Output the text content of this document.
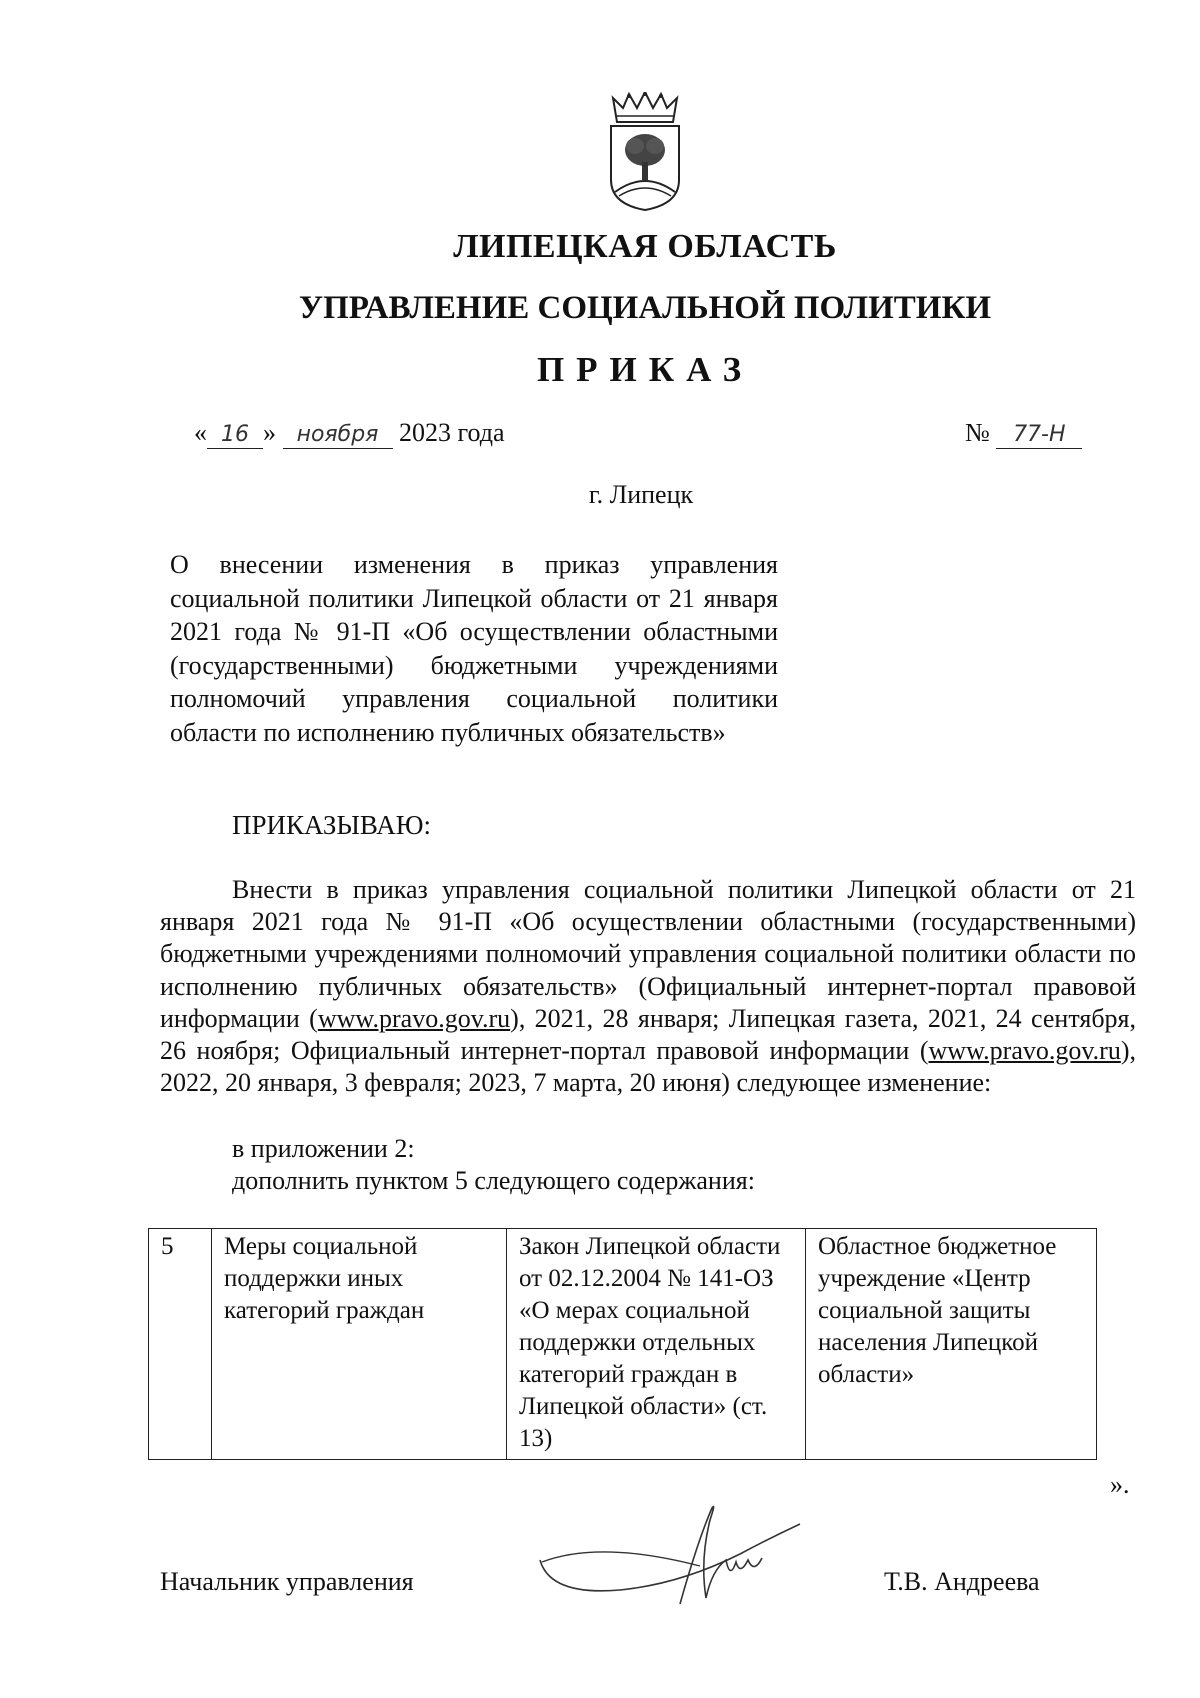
ЛИПЕЦКАЯ ОБЛАСТЬ
УПРАВЛЕНИЕ СОЦИАЛЬНОЙ ПОЛИТИКИ
ПРИКАЗ
« 16 » ноября 2023 года	№ 77-Н
г. Липецк
О внесении изменения в приказ управления социальной политики Липецкой области от 21 января 2021 года № 91-П «Об осуществлении областными (государственными) бюджетными учреждениями полномочий управления социальной политики области по исполнению публичных обязательств»
ПРИКАЗЫВАЮ:

Внести в приказ управления социальной политики Липецкой области от 21 января 2021 года № 91-П «Об осуществлении областными (государственными) бюджетными учреждениями полномочий управления социальной политики области по исполнению публичных обязательств» (Официальный интернет-портал правовой информации (www.pravo.gov.ru), 2021, 28 января; Липецкая газета, 2021, 24 сентября, 26 ноября; Официальный интернет-портал правовой информации (www.pravo.gov.ru), 2022, 20 января, 3 февраля; 2023, 7 марта, 20 июня) следующее изменение:

в приложении 2:
дополнить пунктом 5 следующего содержания:
5	Меры социальной поддержки иных категорий граждан	Закон Липецкой области от 02.12.2004 № 141-ОЗ «О мерах социальной поддержки отдельных категорий граждан в Липецкой области» (ст. 13)	Областное бюджетное учреждение «Центр социальной защиты населения Липецкой области»
».
Начальник управления	Т.В. Андреева
